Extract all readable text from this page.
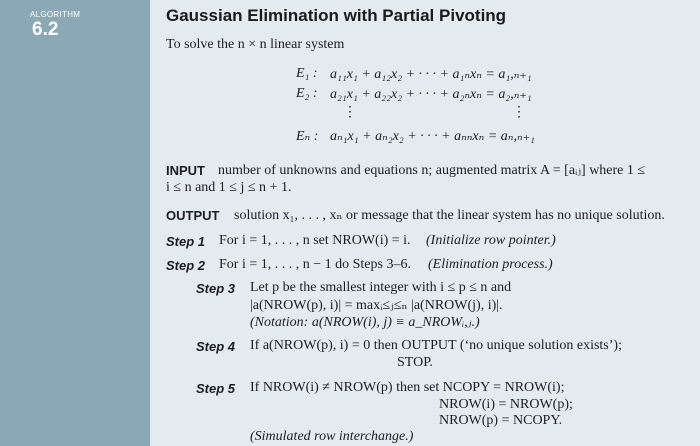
ALGORITHM
6.2
Gaussian Elimination with Partial Pivoting
To solve the n × n linear system
E₁ : a₁₁x₁ + a₁₂x₂ + · · · + a₁ₙxₙ = a₁,ₙ₊₁
E₂ : a₂₁x₁ + a₂₂x₂ + · · · + a₂ₙxₙ = a₂,ₙ₊₁
⋮	⋮
Eₙ : aₙ₁x₁ + aₙ₂x₂ + · · · + aₙₙxₙ = aₙ,ₙ₊₁
INPUT number of unknowns and equations n; augmented matrix A = [aᵢⱼ] where 1 ≤
i ≤ n and 1 ≤ j ≤ n + 1.
OUTPUT solution x₁, . . . , xₙ or message that the linear system has no unique solution.
Step 1 For i = 1, . . . , n set NROW(i) = i. (Initialize row pointer.)
Step 2 For i = 1, . . . , n − 1 do Steps 3–6. (Elimination process.)
Step 3 Let p be the smallest integer with i ≤ p ≤ n and
|a(NROW(p), i)| = maxᵢ≤ⱼ≤ₙ |a(NROW(j), i)|.
(Notation: a(NROW(i), j) ≡ a_NROWᵢ,ⱼ.)
Step 4 If a(NROW(p), i) = 0 then OUTPUT (‘no unique solution exists’);
STOP.
Step 5 If NROW(i) ≠ NROW(p) then set NCOPY = NROW(i);
NROW(i) = NROW(p);
NROW(p) = NCOPY.
(Simulated row interchange.)
